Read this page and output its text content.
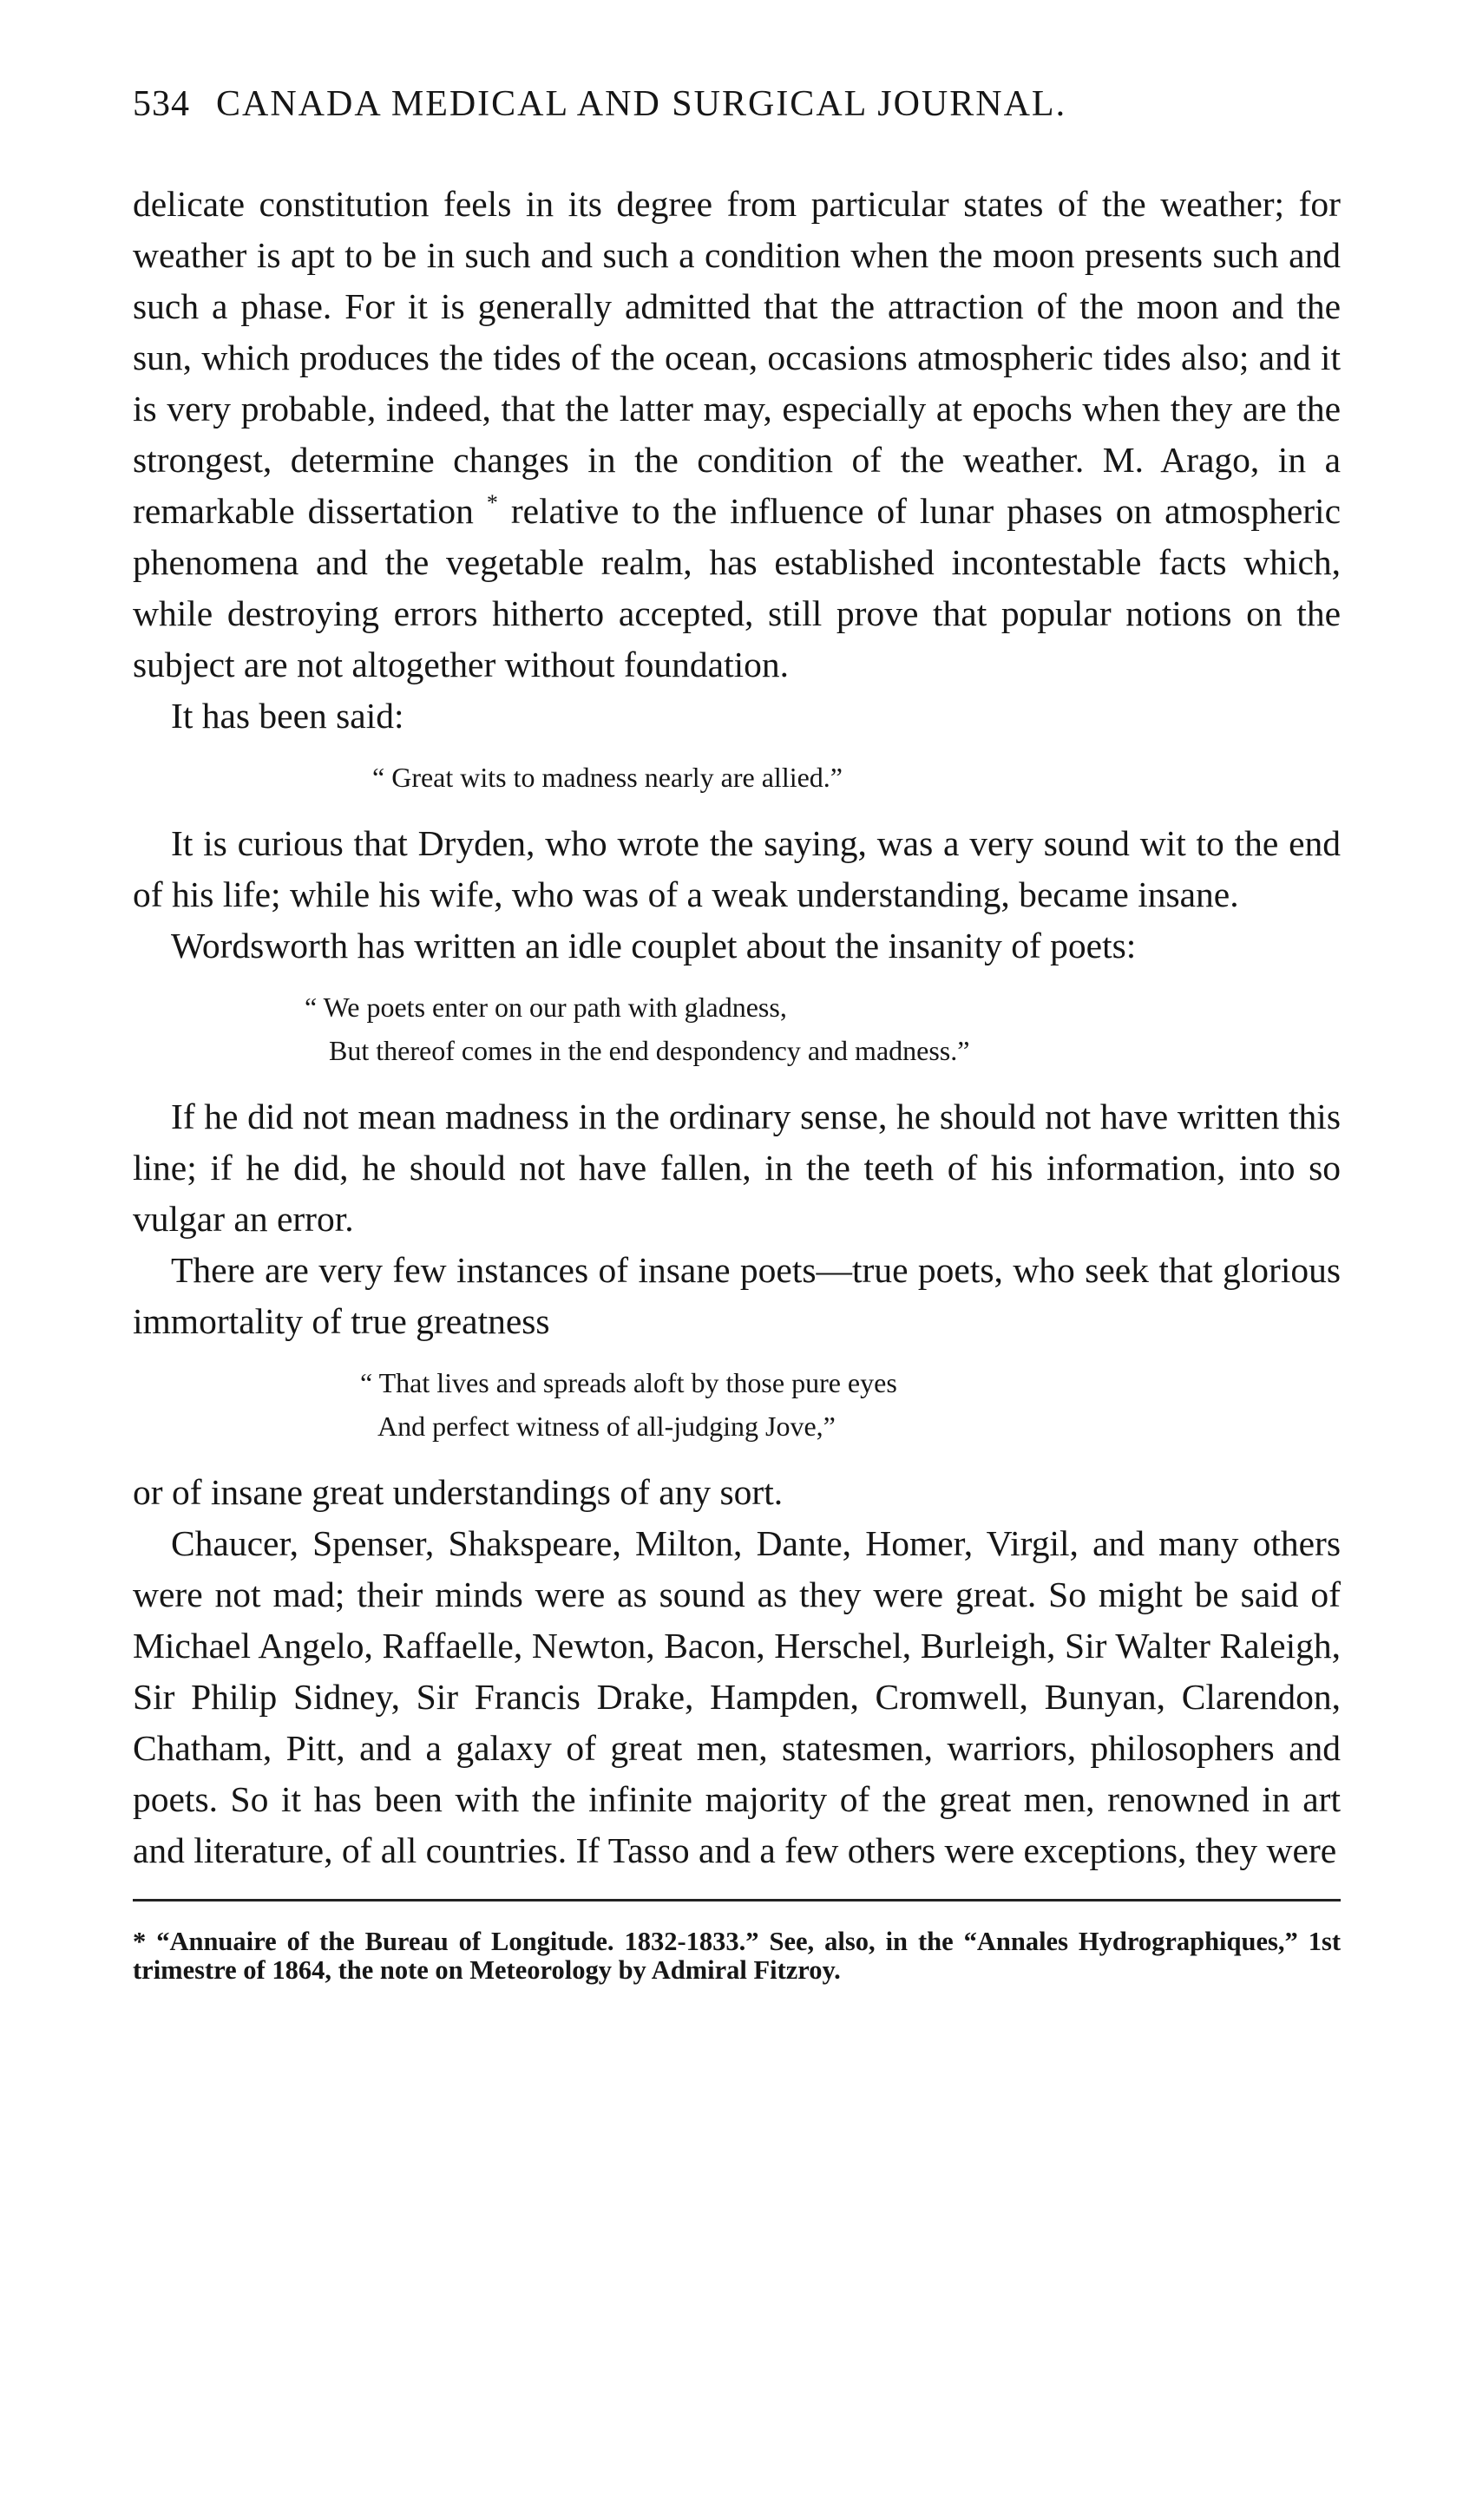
534 CANADA MEDICAL AND SURGICAL JOURNAL.

delicate constitution feels in its degree from particular states of the weather; for weather is apt to be in such and such a condition when the moon presents such and such a phase. For it is generally admitted that the attraction of the moon and the sun, which produces the tides of the ocean, occasions atmospheric tides also; and it is very probable, indeed, that the latter may, especially at epochs when they are the strongest, determine changes in the condition of the weather. M. Arago, in a remarkable dissertation * relative to the influence of lunar phases on atmospheric phenomena and the vegetable realm, has established incontestable facts which, while destroying errors hitherto accepted, still prove that popular notions on the subject are not altogether without foundation.

It has been said:

“ Great wits to madness nearly are allied.”

It is curious that Dryden, who wrote the saying, was a very sound wit to the end of his life; while his wife, who was of a weak understanding, became insane.

Wordsworth has written an idle couplet about the insanity of poets:

“ We poets enter on our path with gladness,
But thereof comes in the end despondency and madness.”

If he did not mean madness in the ordinary sense, he should not have written this line; if he did, he should not have fallen, in the teeth of his information, into so vulgar an error.

There are very few instances of insane poets—true poets, who seek that glorious immortality of true greatness

“ That lives and spreads aloft by those pure eyes
And perfect witness of all-judging Jove,”

or of insane great understandings of any sort.

Chaucer, Spenser, Shakspeare, Milton, Dante, Homer, Virgil, and many others were not mad; their minds were as sound as they were great. So might be said of Michael Angelo, Raffaelle, Newton, Bacon, Herschel, Burleigh, Sir Walter Raleigh, Sir Philip Sidney, Sir Francis Drake, Hampden, Cromwell, Bunyan, Clarendon, Chatham, Pitt, and a galaxy of great men, statesmen, warriors, philosophers and poets. So it has been with the infinite majority of the great men, renowned in art and literature, of all countries. If Tasso and a few others were exceptions, they were

* “Annuaire of the Bureau of Longitude. 1832-1833.” See, also, in the “Annales Hydrographiques,” 1st trimestre of 1864, the note on Meteorology by Admiral Fitzroy.
